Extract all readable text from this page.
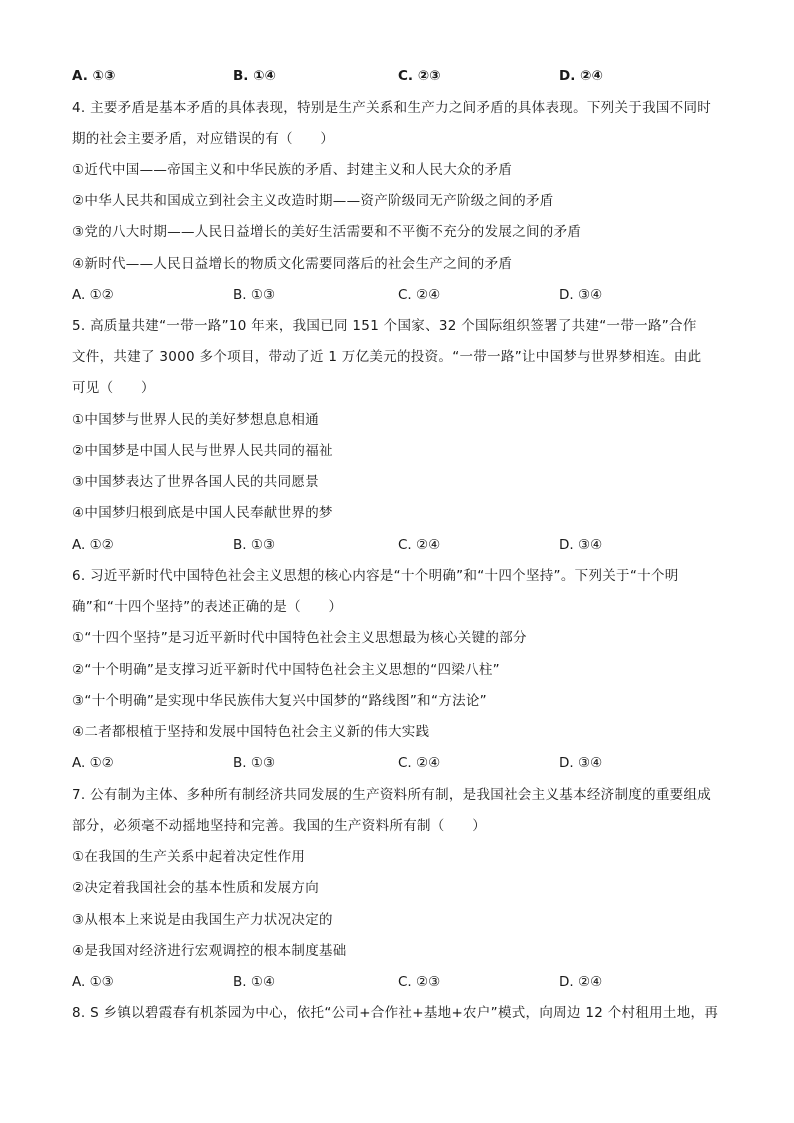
A. ①③	B. ①④	C. ②③	D. ②④
4. 主要矛盾是基本矛盾的具体表现，特别是生产关系和生产力之间矛盾的具体表现。下列关于我国不同时
期的社会主要矛盾，对应错误的有（　　）
①近代中国——帝国主义和中华民族的矛盾、封建主义和人民大众的矛盾
②中华人民共和国成立到社会主义改造时期——资产阶级同无产阶级之间的矛盾
③党的八大时期——人民日益增长的美好生活需要和不平衡不充分的发展之间的矛盾
④新时代——人民日益增长的物质文化需要同落后的社会生产之间的矛盾
A. ①②	B. ①③	C. ②④	D. ③④
5. 高质量共建“一带一路”10 年来，我国已同 151 个国家、32 个国际组织签署了共建“一带一路”合作
文件，共建了 3000 多个项目，带动了近 1 万亿美元的投资。“一带一路”让中国梦与世界梦相连。由此
可见（　　）
①中国梦与世界人民的美好梦想息息相通
②中国梦是中国人民与世界人民共同的福祉
③中国梦表达了世界各国人民的共同愿景
④中国梦归根到底是中国人民奉献世界的梦
A. ①②	B. ①③	C. ②④	D. ③④
6. 习近平新时代中国特色社会主义思想的核心内容是“十个明确”和“十四个坚持”。下列关于“十个明
确”和“十四个坚持”的表述正确的是（　　）
①“十四个坚持”是习近平新时代中国特色社会主义思想最为核心关键的部分
②“十个明确”是支撑习近平新时代中国特色社会主义思想的“四梁八柱”
③“十个明确”是实现中华民族伟大复兴中国梦的“路线图”和“方法论”
④二者都根植于坚持和发展中国特色社会主义新的伟大实践
A. ①②	B. ①③	C. ②④	D. ③④
7. 公有制为主体、多种所有制经济共同发展的生产资料所有制，是我国社会主义基本经济制度的重要组成
部分，必须毫不动摇地坚持和完善。我国的生产资料所有制（　　）
①在我国的生产关系中起着决定性作用
②决定着我国社会的基本性质和发展方向
③从根本上来说是由我国生产力状况决定的
④是我国对经济进行宏观调控的根本制度基础
A. ①③	B. ①④	C. ②③	D. ②④
8. S 乡镇以碧霞春有机茶园为中心，依托“公司+合作社+基地+农户”模式，向周边 12 个村租用土地，再
